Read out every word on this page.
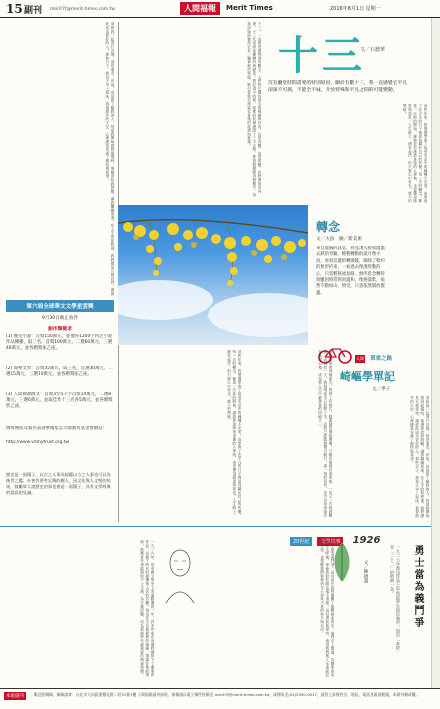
15 副刊 merit7f@merit-times.com.tw	人間福報	Merit Times	2016年8月1日 星期一
喜和我一起遊行各地，他是朋友、伴侶，也是最了解我的人，每當我開始感到疲倦時，他總會給我鼓勵，讓我繼續前進。在人生的旅程裡，我們總是互相扶持，讓彼此成為更好的人。那些日子，我每天早上起床，看著窗外的天空，心裡總是充滿了期待與希望。
第六屆全球華文文學星雲獎
9月30日截止收件
創作類徵求
(1) 歷史小說：首獎150萬元，並他得1200字內之小說作品傳播，取三名，首獎100萬元，二選60萬元，三選40萬元，並各贈獎座乙座。
(2) 報導文學：首獎35萬元，取三名，首選30萬元，二選15萬元，三選10萬元，並各贈獎座乙座。
(3) 人間佛教散文：首獎3至5千字首獎10萬元，二選8萬元，三選6萬元，並取佳作十三名各5萬元，並各贈獎狀乙座。
徵獎辦法及報名表請參閱星雲大師教育基金會網站：
http://www.vmhytrust.org.tw
歷史是一面鏡子，以古之人事為規鑑以今之人事也可以為後世之鑑；社會有要有足夠的關人，因文化與人文聖的結果，鼓勵眾人說歷史的事也會是一面鏡子、具有文學經典的當高的見識。
十三，一直都是個特別的數字，人們對它總有莫名的疑慮與好奇。它是奇數，也是質數，在時間的長河裡，十三代表著某種轉折與變化。我記得小時候，家裡的長輩總說十三不吉利，要我們避開這個數字，但我卻始終覺得它有一種神秘的美感，吸引著我去探索它背後的故事與意義。 十三
文／石德華
沒有廳堂時間書愛的特別原因，關於有數十三，我一直感覺它平凡卻深不可測，不能全不妹，介於特殊和平凡之間的可能變動。
這些年來，我慢慢學會了接受生活中的種種不完美，也學會了在平凡的日子裡尋找屬於自己的快樂。每一次的轉念，都是一次新的開始，讓我更加珍惜身邊的人事物，也更懂得感恩與知足。人生路上，總有起伏，但只要心中有光，就不怕黑暗。
轉念
文／大魚　圖／新美術
來自遠處的訊息，看見淺入接收溫溫去熱的考驗，輕輕轉動的歲月像小鳥，看看這邊的轉變鏡，解除了軟約的無形約束。一如過去像淺得動的心，只需輕移流星路，無所思念轉特效雖因時常與而溫和，像變濤紫，依然不動如山，憤受，只意依然開放懷靈。
人間 單車之路
崎嶇學單記
文／季子
這些年來，我慢慢學會了接受生活中的種種不完美，也學會了在平凡的日子裡尋找屬於自己的快樂。每一次的轉念，都是一次新的開始，讓我更加珍惜身邊的人事物，也更懂得感恩與知足。人生路上，總有起伏，但只要心中有光，就不怕黑暗。	學騎單車的那個夏天，我摔了好幾次，膝蓋總是傷痕累累。父親在後面扶著車座，一次又一次地鼓勵我，直到有一天，我發現他早已放開了手，而我已經能夠獨自騎行。那一刻的喜悅，至今仍深深烙印在我的心裡，成為我人生中最珍貴的回憶之一。
喜和我一起遊行各地，他是朋友、伴侶，也是最了解我的人，每當我開始感到疲倦時，他總會給我鼓勵，讓我繼續前進。在人生的旅程裡，我們總是互相扶持，讓彼此成為更好的人。那些日子，我每天早上起床，看著窗外的天空，心裡總是充滿了期待與希望。
20世紀 文學故事 1926
一九二六年，是中國文學史上充滿動盪的一年，許多作家在這個時期寫下了重要的作品，記錄了時代的變遷與人民的苦難。魯迅先生以他犀利的筆鋒，揭露社會的黑暗，鼓舞青年勇敢面對不公不義，為正義而戰，成為那個時代最重要的精神指標。	勇士當為義鬥爭，這句話在當時激勵了無數熱血青年。他們走上街頭，為國家的前途奔走呼號，即使面對危險也毫不退縮。這份勇氣與堅持，值得我們後人永遠銘記與學習，也提醒我們要珍惜今天得來不易的和平與自由。	勇士當為義鬥爭
一九二六年魯迅作品之中寫給學生的信號中，寫出「本院」至「二十二」的時刻一念。
文／陳德超
本報副刊	歡迎您賜稿，賜稿請寄：台北市大同區重慶北路二段31號7樓 人間福報副刊部收，來稿請以電子郵件投稿至 merit7f@merit-times.com.tw，或傳真至(02)2550-0017，請寫上真實姓名、地址、電話及匯款帳號，本報有刪改權。
